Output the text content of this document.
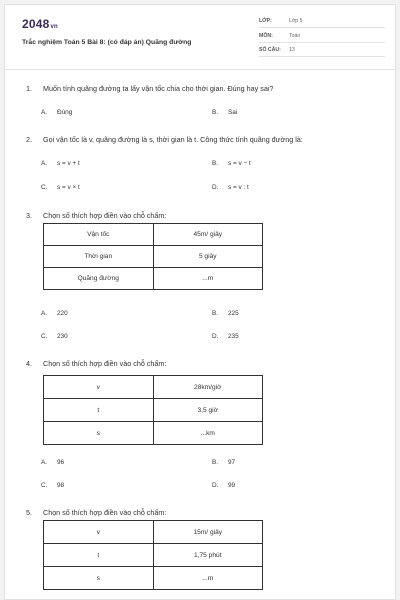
2048vn
Trắc nghiệm Toán 5 Bài 8: (có đáp án) Quãng đường
LỚP:	Lớp 5
MÔN:	Toán
SỐ CÂU: 13
1. Muốn tính quãng đường ta lấy vận tốc chia cho thời gian. Đúng hay sai?
A. Đúng	B. Sai
2. Gọi vận tốc là v, quãng đường là s, thời gian là t. Công thức tính quãng đường là:
A. s = v + t	B. s = v − t
C. s = v × t	D. s = v : t
3. Chọn số thích hợp điền vào chỗ chấm:
Vận tốc	45m/ giây
Thời gian	5 giây
Quãng đường	...m
A. 220	B. 225
C. 230	D. 235
4. Chọn số thích hợp điền vào chỗ chấm:
v	28km/giờ
t	3,5 giờ
s	...km
A. 96	B. 97
C. 98	D. 99
5. Chọn số thích hợp điền vào chỗ chấm:
v	15m/ giây
t	1,75 phút
s	...m
